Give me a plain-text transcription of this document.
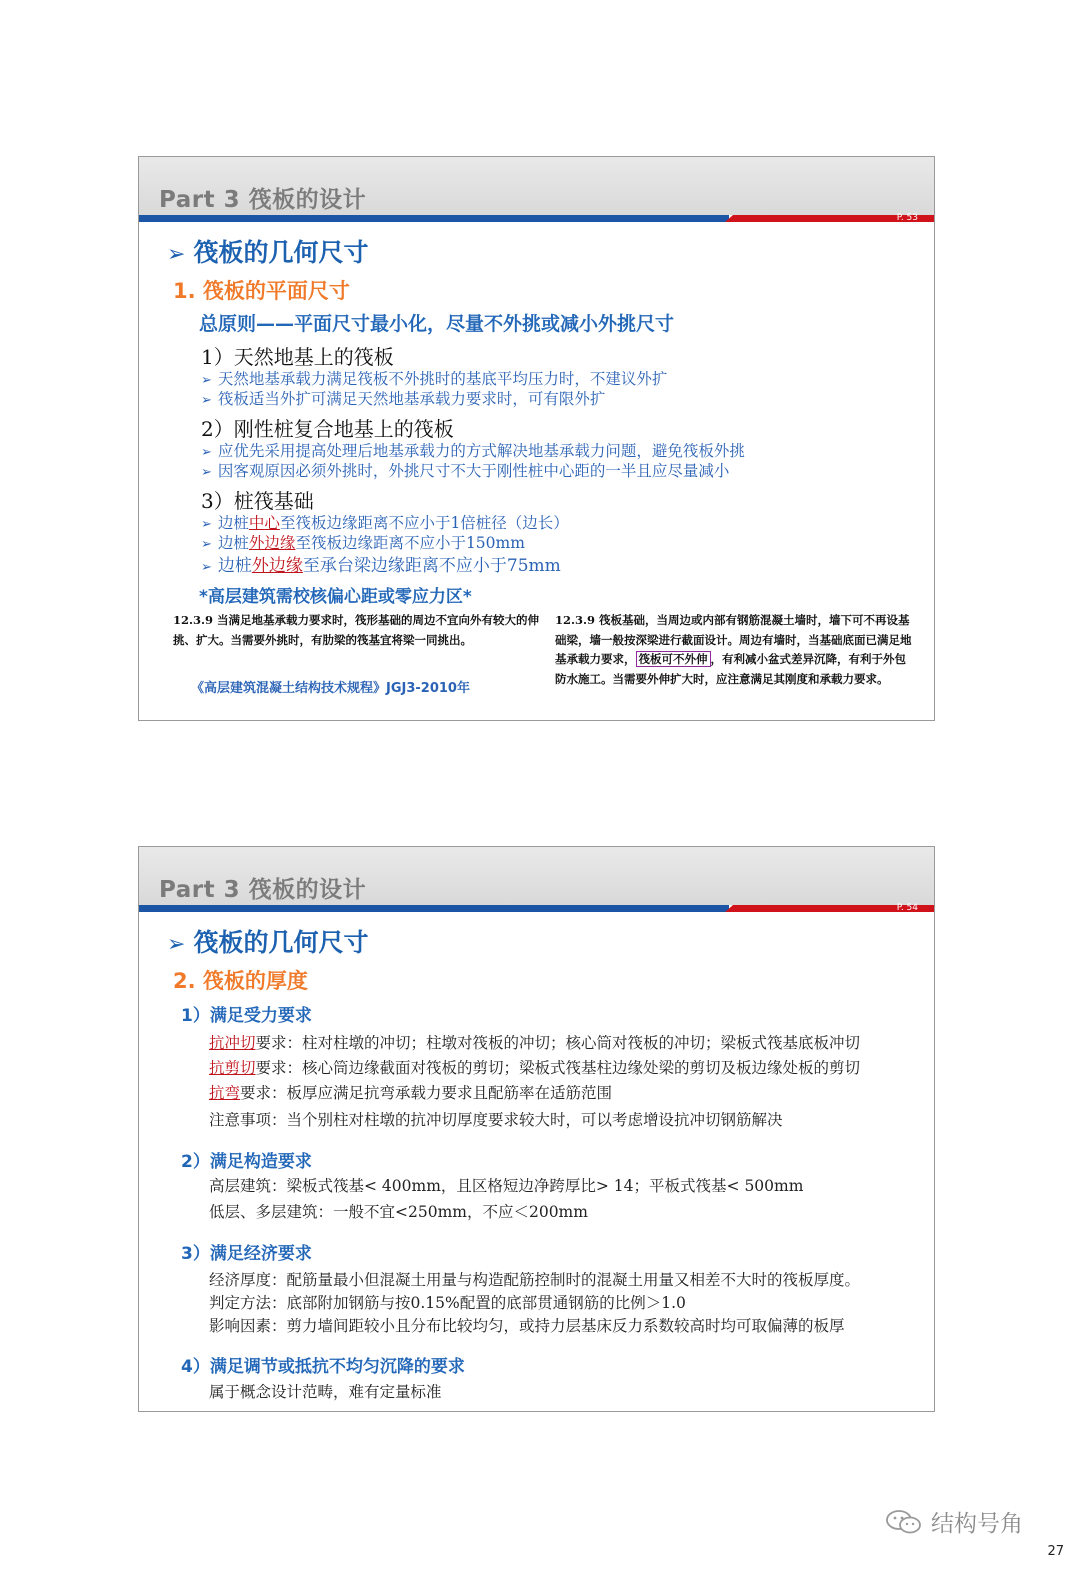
Part 3 筏板的设计
P. 53
➢ 筏板的几何尺寸
1. 筏板的平面尺寸
总原则——平面尺寸最小化，尽量不外挑或减小外挑尺寸
1）天然地基上的筏板
➢ 天然地基承载力满足筏板不外挑时的基底平均压力时，不建议外扩
➢ 筏板适当外扩可满足天然地基承载力要求时，可有限外扩
2）刚性桩复合地基上的筏板
➢ 应优先采用提高处理后地基承载力的方式解决地基承载力问题，避免筏板外挑
➢ 因客观原因必须外挑时，外挑尺寸不大于刚性桩中心距的一半且应尽量减小
3）桩筏基础
➢ 边桩中心至筏板边缘距离不应小于1倍桩径（边长）
➢ 边桩外边缘至筏板边缘距离不应小于150mm
➢ 边桩外边缘至承台梁边缘距离不应小于75mm
*高层建筑需校核偏心距或零应力区*
12.3.9 当满足地基承载力要求时，筏形基础的周边不宜向外有较大的伸挑、扩大。当需要外挑时，有肋梁的筏基宜将梁一同挑出。
《高层建筑混凝土结构技术规程》JGJ3-2010年
12.3.9 筏板基础，当周边或内部有钢筋混凝土墙时，墙下可不再设基础梁，墙一般按深梁进行截面设计。周边有墙时，当基础底面已满足地基承载力要求， 筏板可不外伸 ，有利减小盆式差异沉降，有利于外包防水施工。当需要外伸扩大时，应注意满足其刚度和承载力要求。
Part 3 筏板的设计
P. 54
➢ 筏板的几何尺寸
2. 筏板的厚度
1）满足受力要求
抗冲切要求：柱对柱墩的冲切；柱墩对筏板的冲切；核心筒对筏板的冲切；梁板式筏基底板冲切
抗剪切要求：核心筒边缘截面对筏板的剪切；梁板式筏基柱边缘处梁的剪切及板边缘处板的剪切
抗弯要求：板厚应满足抗弯承载力要求且配筋率在适筋范围
注意事项：当个别柱对柱墩的抗冲切厚度要求较大时，可以考虑增设抗冲切钢筋解决
2）满足构造要求
高层建筑：梁板式筏基< 400mm，且区格短边净跨厚比> 14；平板式筏基< 500mm
低层、多层建筑：一般不宜<250mm，不应＜200mm
3）满足经济要求
经济厚度：配筋量最小但混凝土用量与构造配筋控制时的混凝土用量又相差不大时的筏板厚度。
判定方法：底部附加钢筋与按0.15%配置的底部贯通钢筋的比例＞1.0
影响因素：剪力墙间距较小且分布比较均匀，或持力层基床反力系数较高时均可取偏薄的板厚
4）满足调节或抵抗不均匀沉降的要求
属于概念设计范畴，难有定量标准
结构号角
27
